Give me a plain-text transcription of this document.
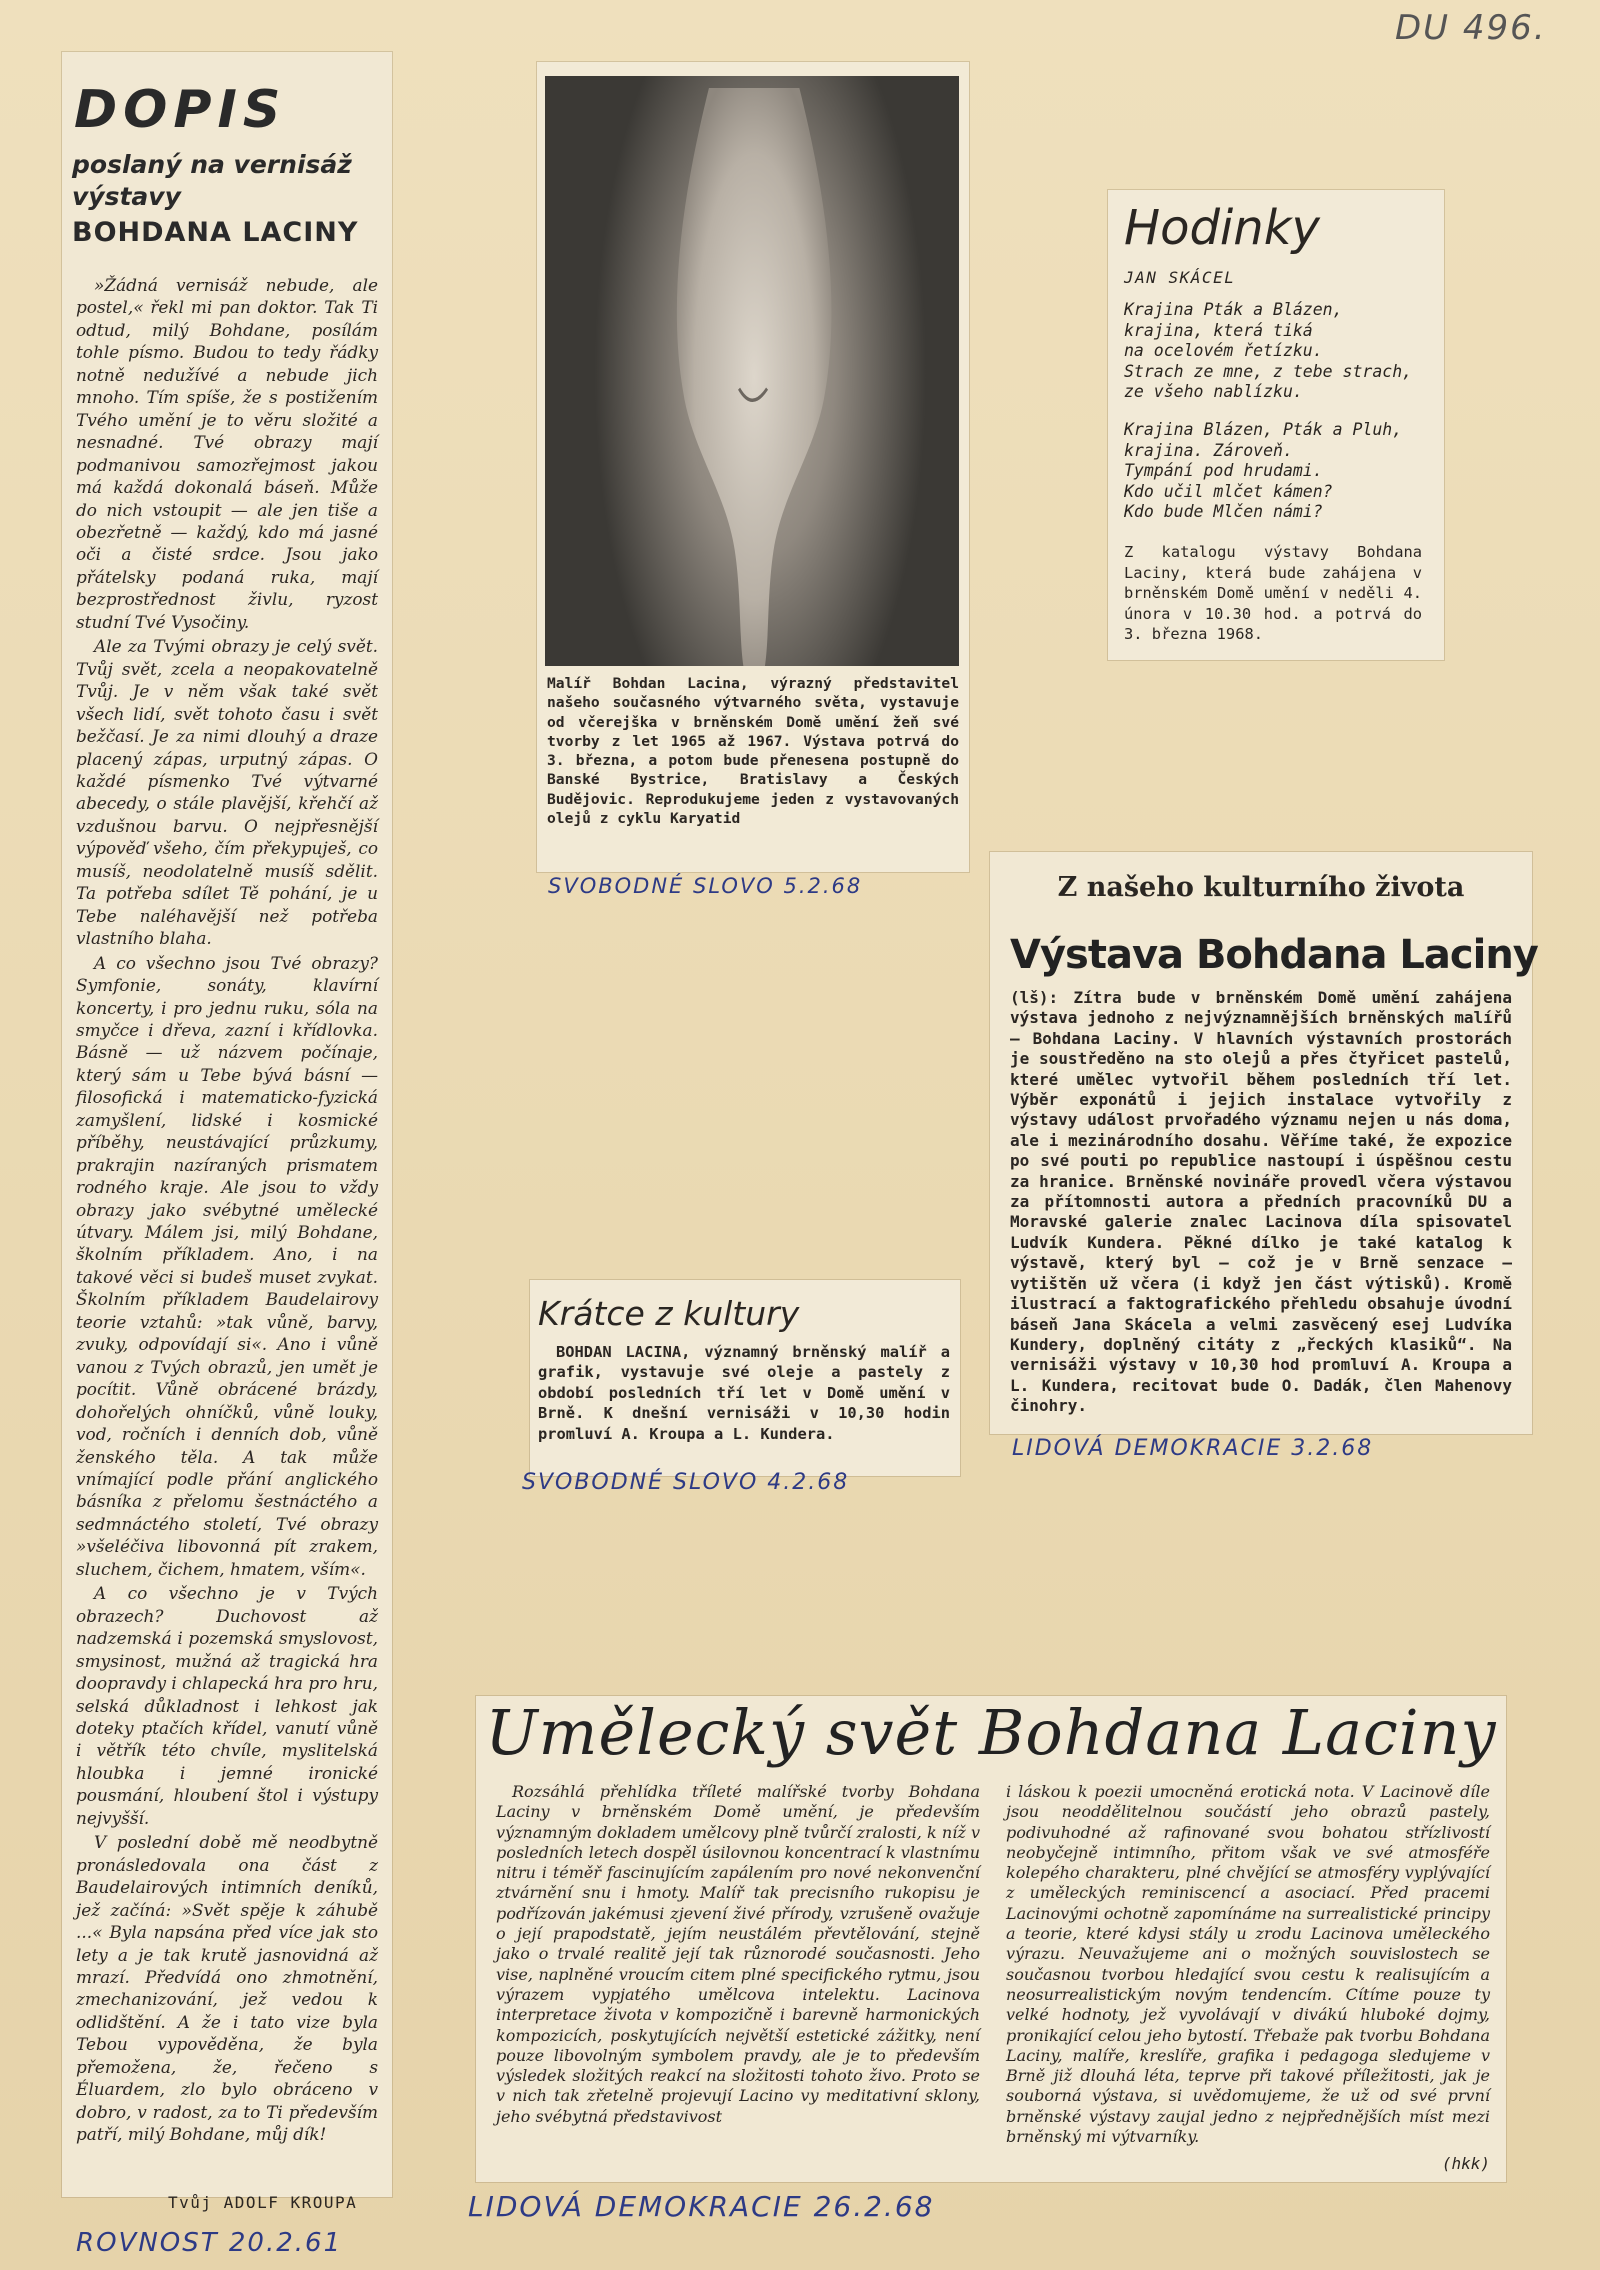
DU 496.
DOPIS
poslaný na vernisáž
výstavy
BOHDANA LACINY

»Žádná vernisáž nebude, ale postel,« řekl mi pan doktor. Tak Ti odtud, milý Bohdane, posílám tohle písmo. Budou to tedy řádky notně nedužívé a nebude jich mnoho. Tím spíše, že s postižením Tvého umění je to věru složité a nesnadné. Tvé obrazy mají podmanivou samozřejmost jakou má každá dokonalá báseň. Může do nich vstoupit — ale jen tiše a obezřetně — každý, kdo má jasné oči a čisté srdce. Jsou jako přátelsky podaná ruka, mají bezprostřednost živlu, ryzost studní Tvé Vysočiny.

Ale za Tvými obrazy je celý svět. Tvůj svět, zcela a neopakovatelně Tvůj. Je v něm však také svět všech lidí, svět tohoto času i svět bežčasí. Je za nimi dlouhý a draze placený zápas, urputný zápas. O každé písmenko Tvé výtvarné abecedy, o stále plavější, křehčí až vzdušnou barvu. O nejpřesnější výpověď všeho, čím překypuješ, co musíš, neodolatelně musíš sdělit. Ta potřeba sdílet Tě pohání, je u Tebe naléhavější než potřeba vlastního blaha.

A co všechno jsou Tvé obrazy? Symfonie, sonáty, klavírní koncerty, i pro jednu ruku, sóla na smyčce i dřeva, zazní i křídlovka. Básně — už názvem počínaje, který sám u Tebe bývá básní — filosofická i matematicko-fyzická zamyšlení, lidské i kosmické příběhy, neustávající průzkumy, prakrajin nazíraných prismatem rodného kraje. Ale jsou to vždy obrazy jako svébytné umělecké útvary. Málem jsi, milý Bohdane, školním příkladem. Ano, i na takové věci si budeš muset zvykat. Školním příkladem Baudelairovy teorie vztahů: »tak vůně, barvy, zvuky, odpovídají si«. Ano i vůně vanou z Tvých obrazů, jen umět je pocítit. Vůně obrácené brázdy, dohořelých ohníčků, vůně louky, vod, ročních i denních dob, vůně ženského těla. A tak může vnímající podle přání anglického básníka z přelomu šestnáctého a sedmnáctého století, Tvé obrazy »všeléčiva libovonná pít zrakem, sluchem, čichem, hmatem, vším«.

A co všechno je v Tvých obrazech? Duchovost až nadzemská i pozemská smyslovost, smysinost, mužná až tragická hra doopravdy i chlapecká hra pro hru, selská důkladnost i lehkost jak doteky ptačích křídel, vanutí vůně i větřík této chvíle, myslitelská hloubka i jemné ironické pousmání, hloubení štol i výstupy nejvyšší.

V poslední době mě neodbytně pronásledovala ona část z Baudelairových intimních deníků, jež začíná: »Svět spěje k záhubě ...« Byla napsána před více jak sto lety a je tak krutě jasnovidná až mrazí. Předvídá ono zhmotnění, zmechanizování, jež vedou k odlidštění. A že i tato vize byla Tebou vypověděna, že byla přemožena, že, řečeno s Éluardem, zlo bylo obráceno v dobro, v radost, za to Ti především patří, milý Bohdane, můj dík!

Tvůj ADOLF KROUPA
ROVNOST 20.2.61
Malíř Bohdan Lacina, výrazný představitel našeho současného výtvarného světa, vystavuje od včerejška v brněnském Domě umění žeň své tvorby z let 1965 až 1967. Výstava potrvá do 3. března, a potom bude přenesena postupně do Banské Bystrice, Bratislavy a Českých Budějovic. Reprodukujeme jeden z vystavovaných olejů z cyklu Karyatid
SVOBODNÉ SLOVO 5.2.68
Hodinky
JAN SKÁCEL
Krajina Pták a Blázen,
krajina, která tiká
na ocelovém řetízku.
Strach ze mne, z tebe strach,
ze všeho nablízku.
Krajina Blázen, Pták a Pluh,
krajina. Zároveň.
Tympání pod hrudami.
Kdo učil mlčet kámen?
Kdo bude Mlčen námi?
Z katalogu výstavy Bohdana Laciny, která bude zahájena v brněnském Domě umění v neděli 4. února v 10.30 hod. a potrvá do 3. března 1968.
Z našeho kulturního života
Výstava Bohdana Laciny
(lš): Zítra bude v brněnském Domě umění zahájena výstava jednoho z nejvýznamnějších brněnských malířů — Bohdana Laciny. V hlavních výstavních prostorách je soustředěno na sto olejů a přes čtyřicet pastelů, které umělec vytvořil během posledních tří let. Výběr exponátů i jejich instalace vytvořily z výstavy událost prvořadého významu nejen u nás doma, ale i mezinárodního dosahu. Věříme také, že expozice po své pouti po republice nastoupí i úspěšnou cestu za hranice. Brněnské novináře provedl včera výstavou za přítomnosti autora a předních pracovníků DU a Moravské galerie znalec Lacinova díla spisovatel Ludvík Kundera. Pěkné dílko je také katalog k výstavě, který byl — což je v Brně senzace — vytištěn už včera (i když jen část výtisků). Kromě ilustrací a faktografického přehledu obsahuje úvodní báseň Jana Skácela a velmi zasvěcený esej Ludvíka Kundery, doplněný citáty z „řeckých klasiků“. Na vernisáži výstavy v 10,30 hod promluví A. Kroupa a L. Kundera, recitovat bude O. Dadák, člen Mahenovy činohry.
LIDOVÁ DEMOKRACIE 3.2.68
Krátce z kultury
BOHDAN LACINA, významný brněnský malíř a grafik, vystavuje své oleje a pastely z období posledních tří let v Domě umění v Brně. K dnešní vernisáži v 10,30 hodin promluví A. Kroupa a L. Kundera.
SVOBODNÉ SLOVO 4.2.68
Umělecký svět Bohdana Laciny
Rozsáhlá přehlídka tříleté malířské tvorby Bohdana Laciny v brněnském Domě umění, je především významným dokladem umělcovy plně tvůrčí zralosti, k níž v posledních letech dospěl úsilovnou koncentrací k vlastnímu nitru i téměř fascinujícím zapálením pro nové nekonvenční ztvárnění snu i hmoty. Malíř tak precisního rukopisu je podřízován jakémusi zjevení živé přírody, vzrušeně ovažuje o její prapodstatě, jejím neustálém převtělování, stejně jako o trvalé realitě její tak různorodé současnosti. Jeho vise, naplněné vroucím citem plné specifického rytmu, jsou výrazem vypjatého umělcova intelektu. Lacinova interpretace života v kompozičně i barevně harmonických kompozicích, poskytujících největší estetické zážitky, není pouze libovolným symbolem pravdy, ale je to především výsledek složitých reakcí na složitosti tohoto živo. Proto se v nich tak zřetelně projevují Lacino vy meditativní sklony, jeho svébytná představivost
i láskou k poezii umocněná erotická nota. V Lacinově díle jsou neoddělitelnou součástí jeho obrazů pastely, podivuhodné až rafinované svou bohatou střízlivostí neobyčejně intimního, přitom však ve své atmosféře kolepého charakteru, plné chvějící se atmosféry vyplývající z uměleckých reminiscencí a asociací. Před pracemi Lacinovými ochotně zapomínáme na surrealistické principy a teorie, které kdysi stály u zrodu Lacinova uměleckého výrazu. Neuvažujeme ani o možných souvislostech se současnou tvorbou hledající svou cestu k realisujícím a neosurrealistickým novým tendencím. Cítíme pouze ty velké hodnoty, jež vyvolávají v divákú hluboké dojmy, pronikající celou jeho bytostí. Třebaže pak tvorbu Bohdana Laciny, malíře, kreslíře, grafika i pedagoga sledujeme v Brně již dlouhá léta, teprve při takové příležitosti, jak je souborná výstava, si uvědomujeme, že už od své první brněnské výstavy zaujal jedno z nejpřednějších míst mezi brněnský mi výtvarníky.
(hkk)
LIDOVÁ DEMOKRACIE 26.2.68
